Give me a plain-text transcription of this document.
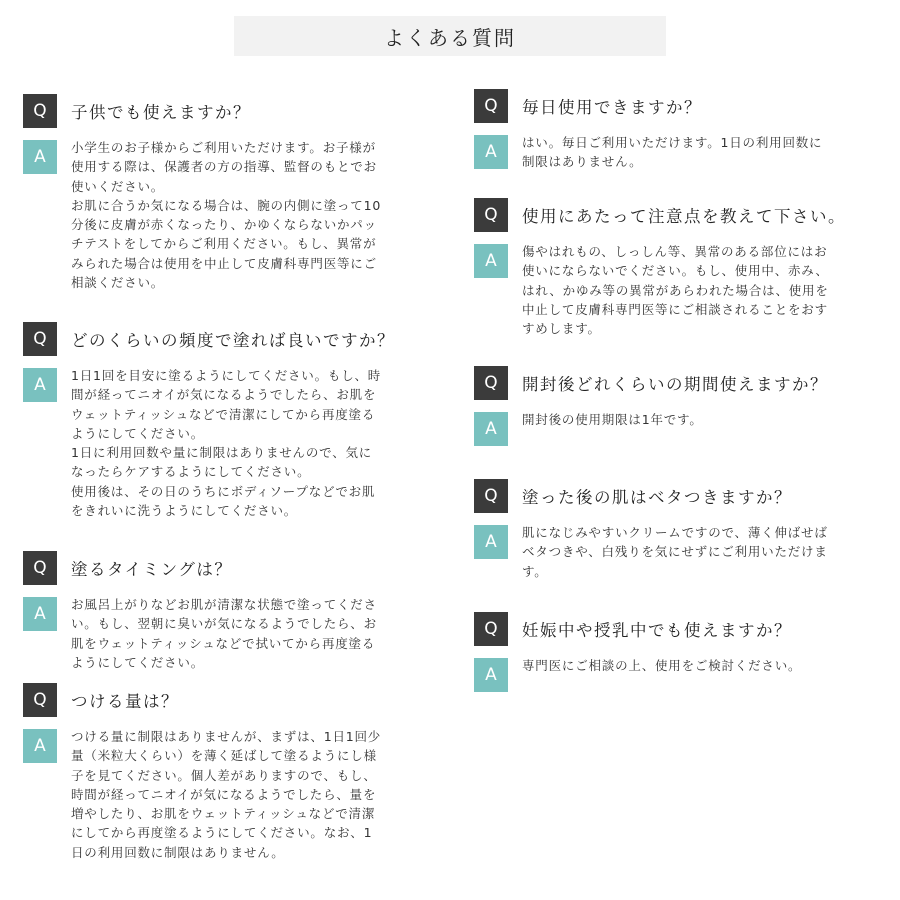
よくある質問
Q	子供でも使えますか？
A	小学生のお子様からご利用いただけます。お子様が
使用する際は、保護者の方の指導、監督のもとでお
使いください。
お肌に合うか気になる場合は、腕の内側に塗って10
分後に皮膚が赤くなったり、かゆくならないかパッ
チテストをしてからご利用ください。もし、異常が
みられた場合は使用を中止して皮膚科専門医等にご
相談ください。
Q	どのくらいの頻度で塗れば良いですか？
A	1日1回を目安に塗るようにしてください。もし、時
間が経ってニオイが気になるようでしたら、お肌を
ウェットティッシュなどで清潔にしてから再度塗る
ようにしてください。
1日に利用回数や量に制限はありませんので、気に
なったらケアするようにしてください。
使用後は、その日のうちにボディソープなどでお肌
をきれいに洗うようにしてください。
Q	塗るタイミングは？
A	お風呂上がりなどお肌が清潔な状態で塗ってくださ
い。もし、翌朝に臭いが気になるようでしたら、お
肌をウェットティッシュなどで拭いてから再度塗る
ようにしてください。
Q	つける量は？
A	つける量に制限はありませんが、まずは、1日1回少
量（米粒大くらい）を薄く延ばして塗るようにし様
子を見てください。個人差がありますので、もし、
時間が経ってニオイが気になるようでしたら、量を
増やしたり、お肌をウェットティッシュなどで清潔
にしてから再度塗るようにしてください。なお、1
日の利用回数に制限はありません。
Q	毎日使用できますか？
A	はい。毎日ご利用いただけます。1日の利用回数に
制限はありません。
Q	使用にあたって注意点を教えて下さい。
A	傷やはれもの、しっしん等、異常のある部位にはお
使いにならないでください。もし、使用中、赤み、
はれ、かゆみ等の異常があらわれた場合は、使用を
中止して皮膚科専門医等にご相談されることをおす
すめします。
Q	開封後どれくらいの期間使えますか？
A	開封後の使用期限は1年です。
Q	塗った後の肌はベタつきますか？
A	肌になじみやすいクリームですので、薄く伸ばせば
ベタつきや、白残りを気にせずにご利用いただけま
す。
Q	妊娠中や授乳中でも使えますか？
A	専門医にご相談の上、使用をご検討ください。
